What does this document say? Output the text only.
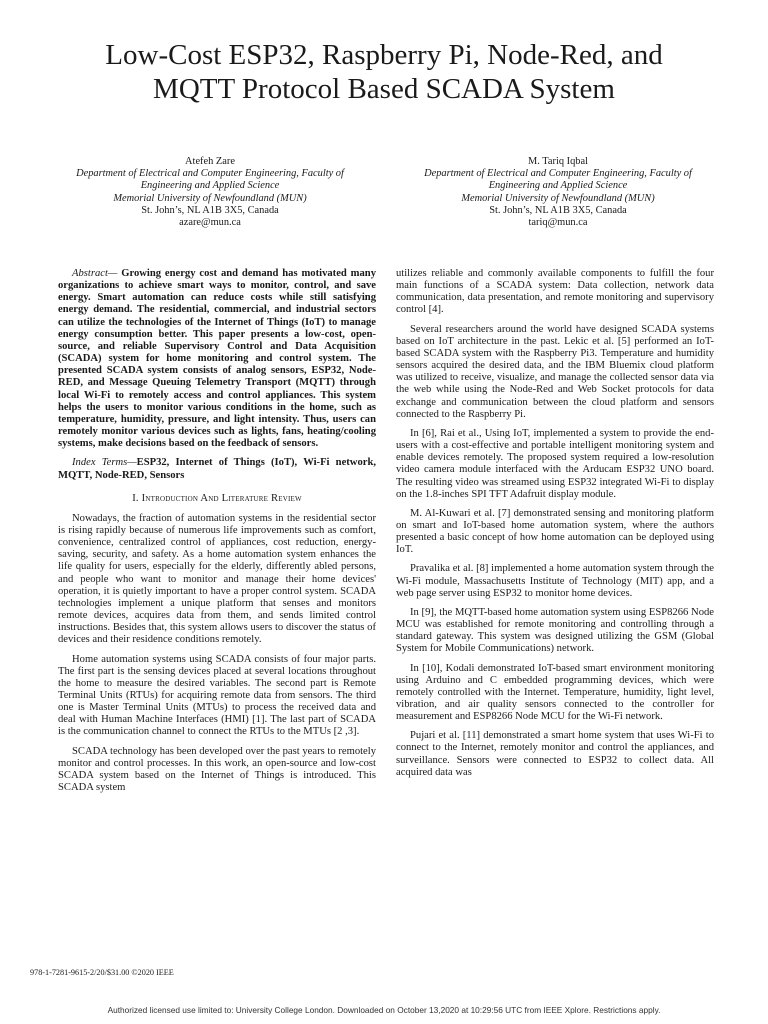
Low-Cost ESP32, Raspberry Pi, Node-Red, and
MQTT Protocol Based SCADA System
Atefeh Zare
Department of Electrical and Computer Engineering, Faculty of
Engineering and Applied Science
Memorial University of Newfoundland (MUN)
St. John’s, NL A1B 3X5, Canada
azare@mun.ca
M. Tariq Iqbal
Department of Electrical and Computer Engineering, Faculty of
Engineering and Applied Science
Memorial University of Newfoundland (MUN)
St. John’s, NL A1B 3X5, Canada
tariq@mun.ca

Abstract— Growing energy cost and demand has motivated many organizations to achieve smart ways to monitor, control, and save energy. Smart automation can reduce costs while still satisfying energy demand. The residential, commercial, and industrial sectors can utilize the technologies of the Internet of Things (IoT) to manage energy consumption better. This paper presents a low-cost, open-source, and reliable Supervisory Control and Data Acquisition (SCADA) system for home monitoring and control system. The presented SCADA system consists of analog sensors, ESP32, Node-RED, and Message Queuing Telemetry Transport (MQTT) through local Wi-Fi to remotely access and control appliances. This system helps the users to monitor various conditions in the home, such as temperature, humidity, pressure, and light intensity. Thus, users can remotely monitor various devices such as lights, fans, heating/cooling systems, make decisions based on the feedback of sensors.

Index Terms—ESP32, Internet of Things (IoT), Wi-Fi network, MQTT, Node-RED, Sensors

I. Introduction And Literature Review

Nowadays, the fraction of automation systems in the residential sector is rising rapidly because of numerous life improvements such as comfort, convenience, centralized control of appliances, cost reduction, energy-saving, security, and safety. As a home automation system enhances the life quality for users, especially for the elderly, differently abled persons, and people who want to monitor and manage their home devices' operation, it is quietly important to have a proper control system. SCADA technologies implement a unique platform that senses and monitors remote devices, acquires data from them, and sends limited control instructions. Besides that, this system allows users to discover the status of devices and their residence conditions remotely.

Home automation systems using SCADA consists of four major parts. The first part is the sensing devices placed at several locations throughout the home to measure the desired variables. The second part is Remote Terminal Units (RTUs) for acquiring remote data from sensors. The third one is Master Terminal Units (MTUs) to process the received data and deal with Human Machine Interfaces (HMI) [1]. The last part of SCADA is the communication channel to connect the RTUs to the MTUs [2 ,3].

SCADA technology has been developed over the past years to remotely monitor and control processes. In this work, an open-source and low-cost SCADA system based on the Internet of Things is introduced. This SCADA system

utilizes reliable and commonly available components to fulfill the four main functions of a SCADA system: Data collection, network data communication, data presentation, and remote monitoring and supervisory control [4].

Several researchers around the world have designed SCADA systems based on IoT architecture in the past. Lekic et al. [5] performed an IoT-based SCADA system with the Raspberry Pi3. Temperature and humidity sensors acquired the desired data, and the IBM Bluemix cloud platform was utilized to receive, visualize, and manage the collected sensor data via the web while using the Node-Red and Web Socket protocols for data exchange and communication between the cloud platform and sensors connected to the Raspberry Pi.

In [6], Rai et al., Using IoT, implemented a system to provide the end-users with a cost-effective and portable intelligent monitoring system and enable devices remotely. The proposed system required a low-resolution video camera module interfaced with the Arducam ESP32 UNO board. The resulting video was streamed using ESP32 integrated Wi-Fi to display on the 1.8-inches SPI TFT Adafruit display module.

M. Al-Kuwari et al. [7] demonstrated sensing and monitoring platform on smart and IoT-based home automation system, where the authors presented a basic concept of how home automation can be deployed using IoT.

Pravalika et al. [8] implemented a home automation system through the Wi-Fi module, Massachusetts Institute of Technology (MIT) app, and a web page server using ESP32 to monitor home devices.

In [9], the MQTT-based home automation system using ESP8266 Node MCU was established for remote monitoring and controlling through a standard gateway. This system was designed utilizing the GSM (Global System for Mobile Communications) network.

In [10], Kodali demonstrated IoT-based smart environment monitoring using Arduino and C embedded programming devices, which were remotely controlled with the Internet. Temperature, humidity, light level, vibration, and air quality sensors connected to the controller for measurement and ESP8266 Node MCU for the Wi-Fi network.

Pujari et al. [11] demonstrated a smart home system that uses Wi-Fi to connect to the Internet, remotely monitor and control the appliances, and surveillance. Sensors were connected to ESP32 to collect data. All acquired data was

978-1-7281-9615-2/20/$31.00 ©2020 IEEE
Authorized licensed use limited to: University College London. Downloaded on October 13,2020 at 10:29:56 UTC from IEEE Xplore. Restrictions apply.
